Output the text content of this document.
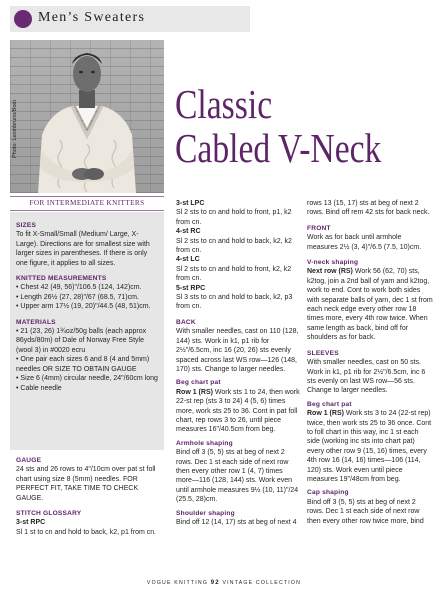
Men’s Sweaters
Photo: Leombruno/Bodi	Classic
Cabled V-Neck
FOR INTERMEDIATE KNITTERS

SIZES

To fit X-Small/Small (Medium/ Large, X-Large). Directions are for smallest size with larger sizes in parentheses. If there is only one figure, it applies to all sizes.

KNITTED MEASUREMENTS

• Chest 42 (49, 56)"/106.5 (124, 142)cm.

• Length 26½ (27, 28)"/67 (68.5, 71)cm.

• Upper arm 17½ (19, 20)"/44.5 (48, 51)cm.

MATERIALS

• 21 (23, 26) 1¾oz/50g balls (each approx 86yds/80m) of Dale of Norway Free Style (wool 3) in #0020 ecru

• One pair each sizes 6 and 8 (4 and 5mm) needles OR SIZE TO OBTAIN GAUGE

• Size 6 (4mm) circular needle, 24"/60cm long

• Cable needle

GAUGE

24 sts and 26 rows to 4"/10cm over pat st foll chart using size 8 (5mm) needles. FOR PERFECT FIT, TAKE TIME TO CHECK GAUGE.

STITCH GLOSSARY

3-st RPC

Sl 1 st to cn and hold to back, k2, p1 from cn.

3-st LPC

Sl 2 sts to cn and hold to front, p1, k2 from cn.

4-st RC

Sl 2 sts to cn and hold to back, k2, k2 from cn.

4-st LC

Sl 2 sts to cn and hold to front, k2, k2 from cn.

5-st RPC

Sl 3 sts to cn and hold to back, k2, p3 from cn.

BACK

With smaller needles, cast on 110 (128, 144) sts. Work in k1, p1 rib for 2½"/6.5cm, inc 16 (20, 26) sts evenly spaced across last WS row—126 (148, 170) sts. Change to larger needles.

Beg chart pat

Row 1 (RS) Work sts 1 to 24, then work 22-st rep (sts 3 to 24) 4 (5, 6) times more, work sts 25 to 36. Cont in pat foll chart, rep rows 3 to 26, until piece measures 16"/40.5cm from beg.

Armhole shaping

Bind off 3 (5, 5) sts at beg of next 2 rows. Dec 1 st each side of next row then every other row 1 (4, 7) times more—116 (128, 144) sts. Work even until armhole measures 9½ (10, 11)"/24 (25.5, 28)cm.

Shoulder shaping

Bind off 12 (14, 17) sts at beg of next 4

rows 13 (15, 17) sts at beg of next 2 rows. Bind off rem 42 sts for back neck.

FRONT

Work as for back until armhole measures 2½ (3, 4)"/6.5 (7.5, 10)cm.

V-neck shaping

Next row (RS) Work 56 (62, 70) sts, k2tog, join a 2nd ball of yarn and k2tog, work to end. Cont to work both sides with separate balls of yarn, dec 1 st from each neck edge every other row 18 times more, every 4th row twice. When same length as back, bind off for shoulders as for back.

SLEEVES

With smaller needles, cast on 50 sts. Work in k1, p1 rib for 2½"/6.5cm, inc 6 sts evenly on last WS row—56 sts. Change to larger needles.

Beg chart pat

Row 1 (RS) Work sts 3 to 24 (22-st rep) twice, then work sts 25 to 36 once. Cont to foll chart in this way, inc 1 st each side (working inc sts into chart pat) every other row 9 (15, 16) times, every 4th row 16 (14, 16) times—106 (114, 120) sts. Work even until piece measures 19"/48cm from beg.

Cap shaping

Bind off 3 (5, 5) sts at beg of next 2 rows. Dec 1 st each side of next row then every other row twice more, bind

VOGUE KNITTING 92 VINTAGE COLLECTION
